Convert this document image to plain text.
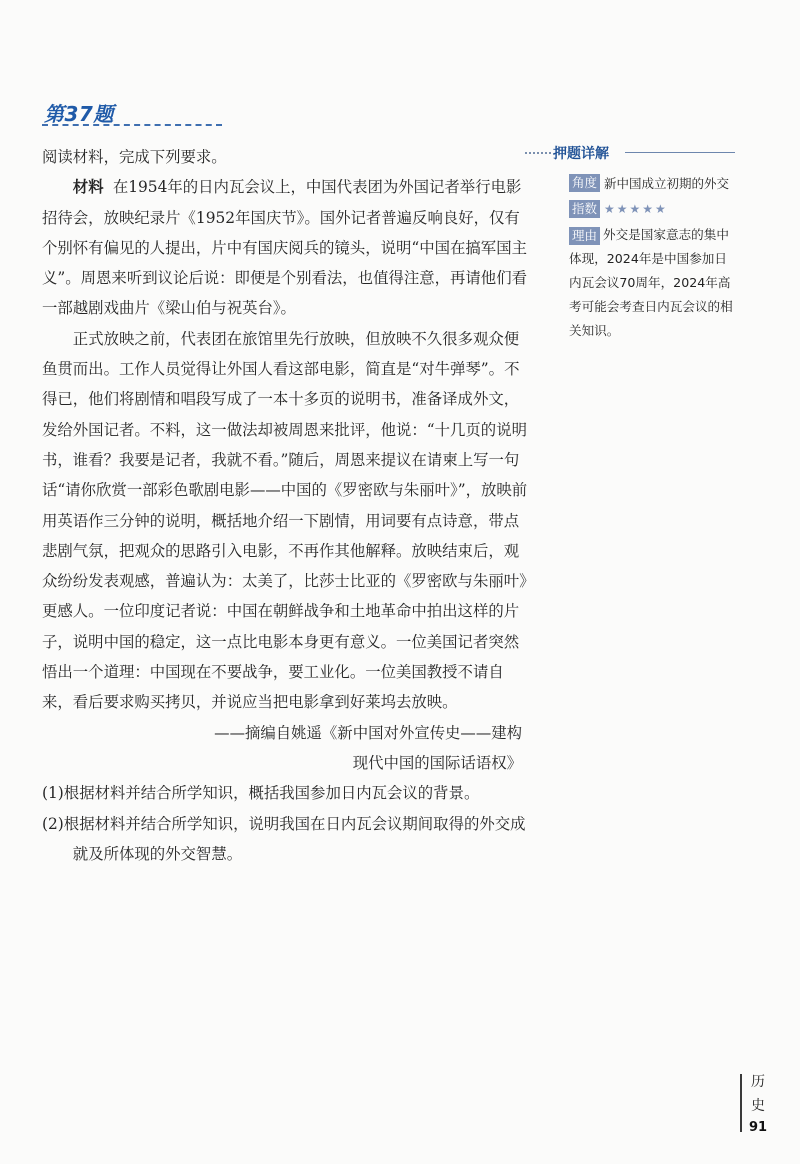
第37题

阅读材料，完成下列要求。

材料 在1954年的日内瓦会议上，中国代表团为外国记者举行电影招待会，放映纪录片《1952年国庆节》。国外记者普遍反响良好，仅有个别怀有偏见的人提出，片中有国庆阅兵的镜头，说明“中国在搞军国主义”。周恩来听到议论后说：即便是个别看法，也值得注意，再请他们看一部越剧戏曲片《梁山伯与祝英台》。

正式放映之前，代表团在旅馆里先行放映，但放映不久很多观众便鱼贯而出。工作人员觉得让外国人看这部电影，简直是“对牛弹琴”。不得已，他们将剧情和唱段写成了一本十多页的说明书，准备译成外文，发给外国记者。不料，这一做法却被周恩来批评，他说：“十几页的说明书，谁看？我要是记者，我就不看。”随后，周恩来提议在请柬上写一句话“请你欣赏一部彩色歌剧电影——中国的《罗密欧与朱丽叶》”，放映前用英语作三分钟的说明，概括地介绍一下剧情，用词要有点诗意，带点悲剧气氛，把观众的思路引入电影，不再作其他解释。放映结束后，观众纷纷发表观感，普遍认为：太美了，比莎士比亚的《罗密欧与朱丽叶》更感人。一位印度记者说：中国在朝鲜战争和土地革命中拍出这样的片子，说明中国的稳定，这一点比电影本身更有意义。一位美国记者突然悟出一个道理：中国现在不要战争，要工业化。一位美国教授不请自来，看后要求购买拷贝，并说应当把电影拿到好莱坞去放映。

——摘编自姚遥《新中国对外宣传史——建构

现代中国的国际话语权》

(1)根据材料并结合所学知识，概括我国参加日内瓦会议的背景。

(2)根据材料并结合所学知识，说明我国在日内瓦会议期间取得的外交成就及所体现的外交智慧。

押题详解
角度 新中国成立初期的外交
指数 ★★★★★
理由 外交是国家意志的集中体现，2024年是中国参加日内瓦会议70周年，2024年高考可能会考查日内瓦会议的相关知识。
历
史
91
